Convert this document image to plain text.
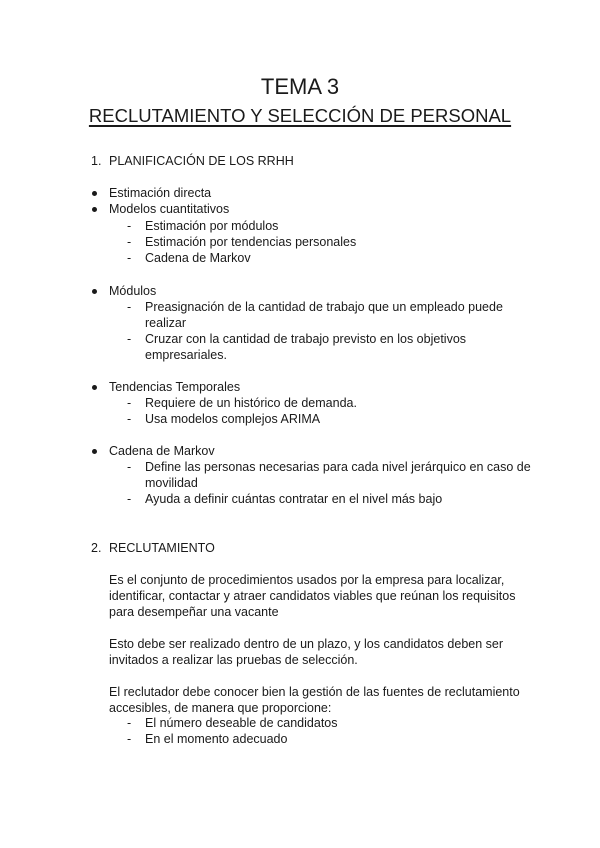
TEMA 3
RECLUTAMIENTO Y SELECCIÓN DE PERSONAL
1. PLANIFICACIÓN DE LOS RRHH
Estimación directa
Modelos cuantitativos
- Estimación por módulos
- Estimación por tendencias personales
- Cadena de Markov
Módulos
- Preasignación de la cantidad de trabajo que un empleado puede
realizar
- Cruzar con la cantidad de trabajo previsto en los objetivos
empresariales.
Tendencias Temporales
- Requiere de un histórico de demanda.
- Usa modelos complejos ARIMA
Cadena de Markov
- Define las personas necesarias para cada nivel jerárquico en caso de
movilidad
- Ayuda a definir cuántas contratar en el nivel más bajo
2. RECLUTAMIENTO
Es el conjunto de procedimientos usados por la empresa para localizar,
identificar, contactar y atraer candidatos viables que reúnan los requisitos
para desempeñar una vacante
Esto debe ser realizado dentro de un plazo, y los candidatos deben ser
invitados a realizar las pruebas de selección.
El reclutador debe conocer bien la gestión de las fuentes de reclutamiento
accesibles, de manera que proporcione:
- El número deseable de candidatos
- En el momento adecuado
